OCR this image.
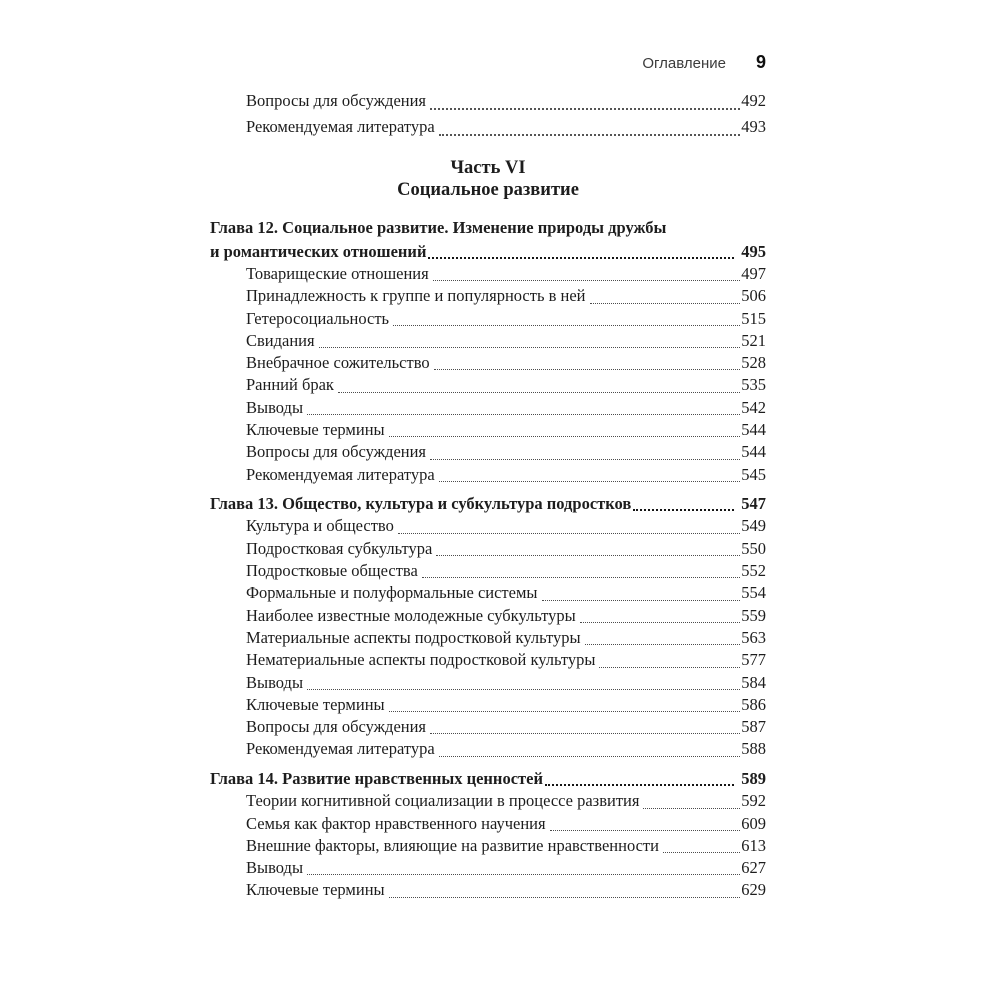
Оглавление 9
Вопросы для обсуждения	492
Рекомендуемая литература	493
Часть VI
Социальное развитие
Глава 12. Социальное развитие. Изменение природы дружбы
и романтических отношений	495
Товарищеские отношения	497
Принадлежность к группе и популярность в ней	506
Гетеросоциальность	515
Свидания	521
Внебрачное сожительство	528
Ранний брак	535
Выводы	542
Ключевые термины	544
Вопросы для обсуждения	544
Рекомендуемая литература	545
Глава 13. Общество, культура и субкультура подростков	547
Культура и общество	549
Подростковая субкультура	550
Подростковые общества	552
Формальные и полуформальные системы	554
Наиболее известные молодежные субкультуры	559
Материальные аспекты подростковой культуры	563
Нематериальные аспекты подростковой культуры	577
Выводы	584
Ключевые термины	586
Вопросы для обсуждения	587
Рекомендуемая литература	588
Глава 14. Развитие нравственных ценностей	589
Теории когнитивной социализации в процессе развития	592
Семья как фактор нравственного научения	609
Внешние факторы, влияющие на развитие нравственности	613
Выводы	627
Ключевые термины	629
